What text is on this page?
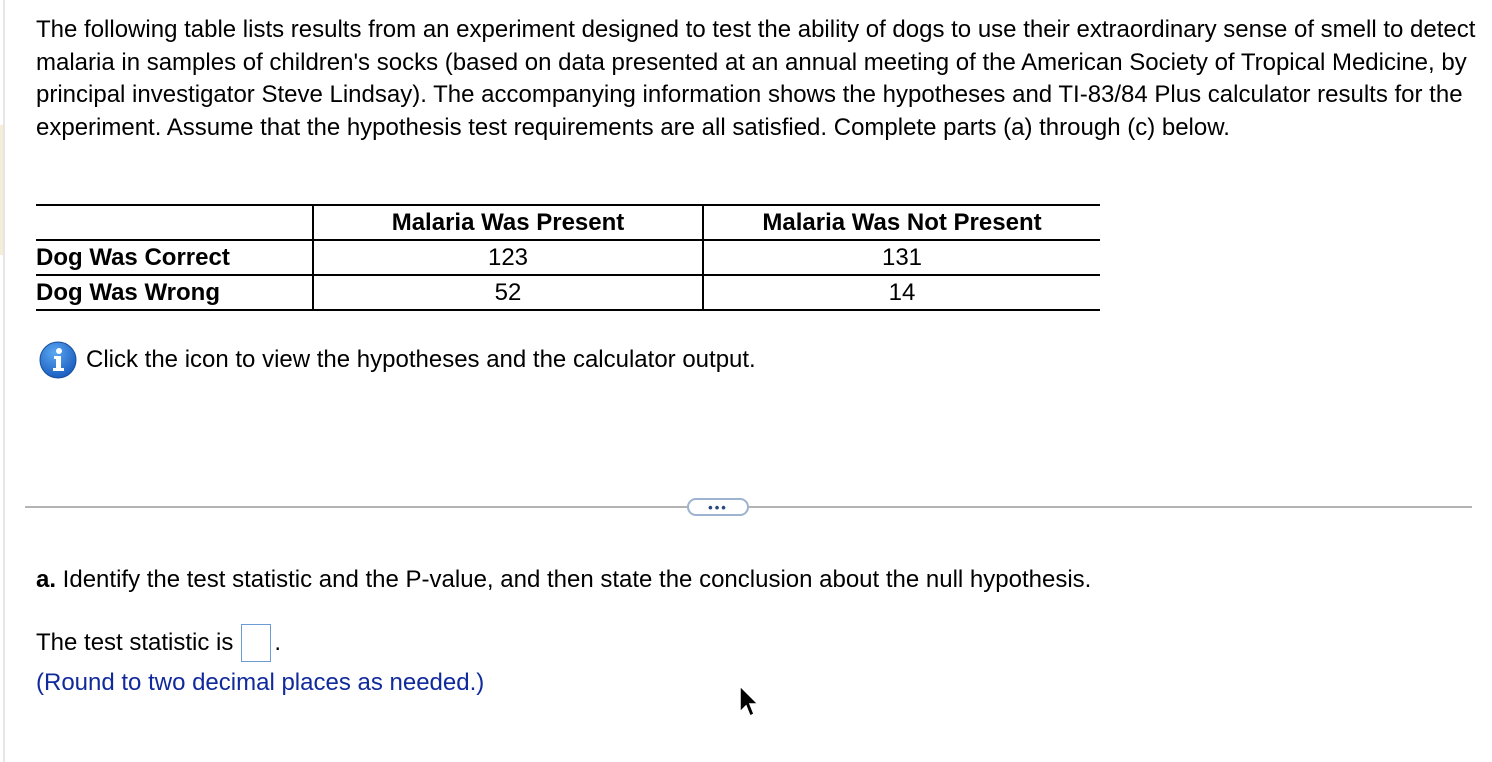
The following table lists results from an experiment designed to test the ability of dogs to use their extraordinary sense of smell to detect malaria in samples of children's socks (based on data presented at an annual meeting of the American Society of Tropical Medicine, by principal investigator Steve Lindsay). The accompanying information shows the hypotheses and TI-83/84 Plus calculator results for the experiment. Assume that the hypothesis test requirements are all satisfied. Complete parts (a) through (c) below.

	Malaria Was Present	Malaria Was Not Present
Dog Was Correct	123	131
Dog Was Wrong	52	14
Click the icon to view the hypotheses and the calculator output.
•••

a. Identify the test statistic and the P-value, and then state the conclusion about the null hypothesis.

The test statistic is .
(Round to two decimal places as needed.)
